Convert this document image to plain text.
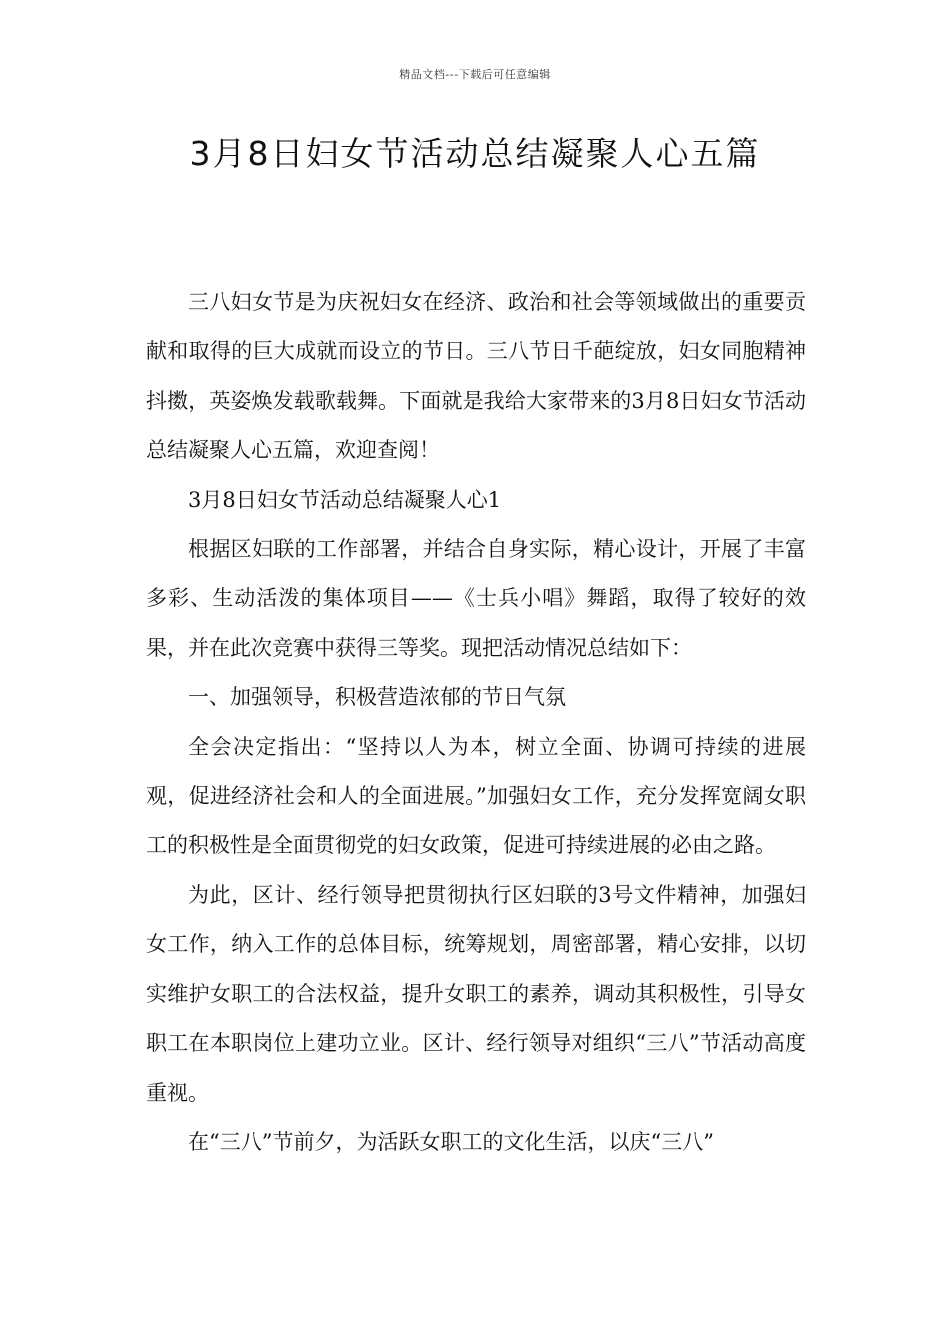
精品文档---下载后可任意编辑
3月8日妇女节活动总结凝聚人心五篇

三八妇女节是为庆祝妇女在经济、政治和社会等领域做出的重要贡献和取得的巨大成就而设立的节日。三八节日千葩绽放，妇女同胞精神抖擞，英姿焕发载歌载舞。下面就是我给大家带来的3月8日妇女节活动总结凝聚人心五篇，欢迎查阅！

3月8日妇女节活动总结凝聚人心1

根据区妇联的工作部署，并结合自身实际，精心设计，开展了丰富多彩、生动活泼的集体项目——《士兵小唱》舞蹈，取得了较好的效果，并在此次竞赛中获得三等奖。现把活动情况总结如下：

一、加强领导，积极营造浓郁的节日气氛

全会决定指出：“坚持以人为本，树立全面、协调可持续的进展观，促进经济社会和人的全面进展。”加强妇女工作，充分发挥宽阔女职工的积极性是全面贯彻党的妇女政策，促进可持续进展的必由之路。

为此，区计、经行领导把贯彻执行区妇联的3号文件精神，加强妇女工作，纳入工作的总体目标，统筹规划，周密部署，精心安排，以切实维护女职工的合法权益，提升女职工的素养，调动其积极性，引导女职工在本职岗位上建功立业。区计、经行领导对组织“三八”节活动高度重视。

在“三八”节前夕，为活跃女职工的文化生活，以庆“三八”
